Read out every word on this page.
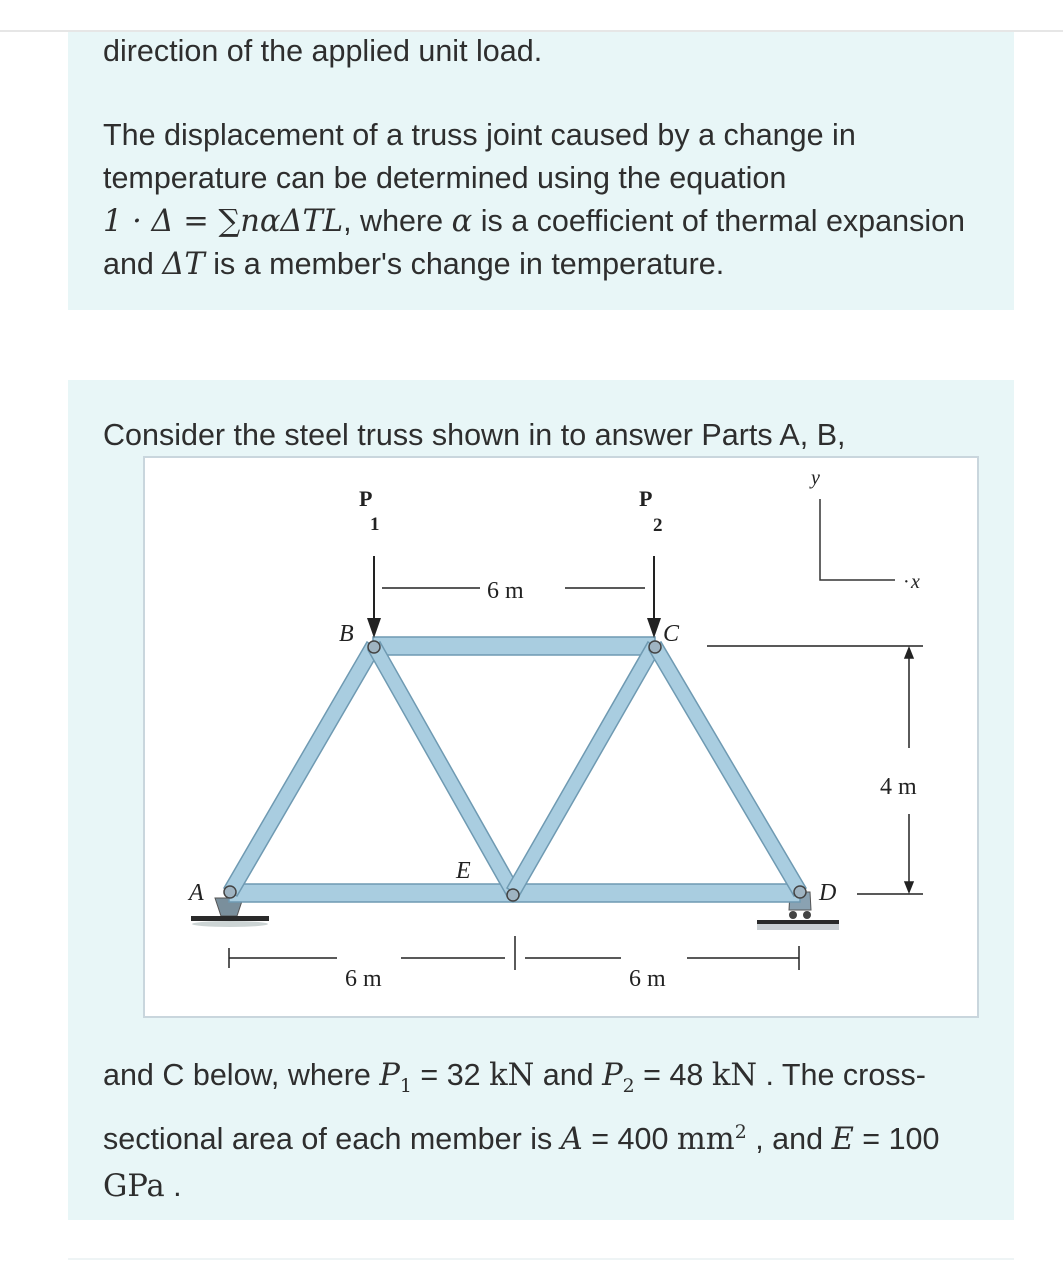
direction of the applied unit load.
The displacement of a truss joint caused by a change in temperature can be determined using the equation
1 · Δ = ∑nαΔTL, where α is a coefficient of thermal expansion and ΔT is a member's change in temperature.
Consider the steel truss shown in to answer Parts A, B,
P
1
P
2
6 m
y
x
·
B	C
A
E
D
4 m
6 m	6 m
and C below, where $P_1 = 32$ kN and $P_2 = 48$ kN . The cross-sectional area of each member is A = 400 $mm^2$ , and E = 100 GPa .
